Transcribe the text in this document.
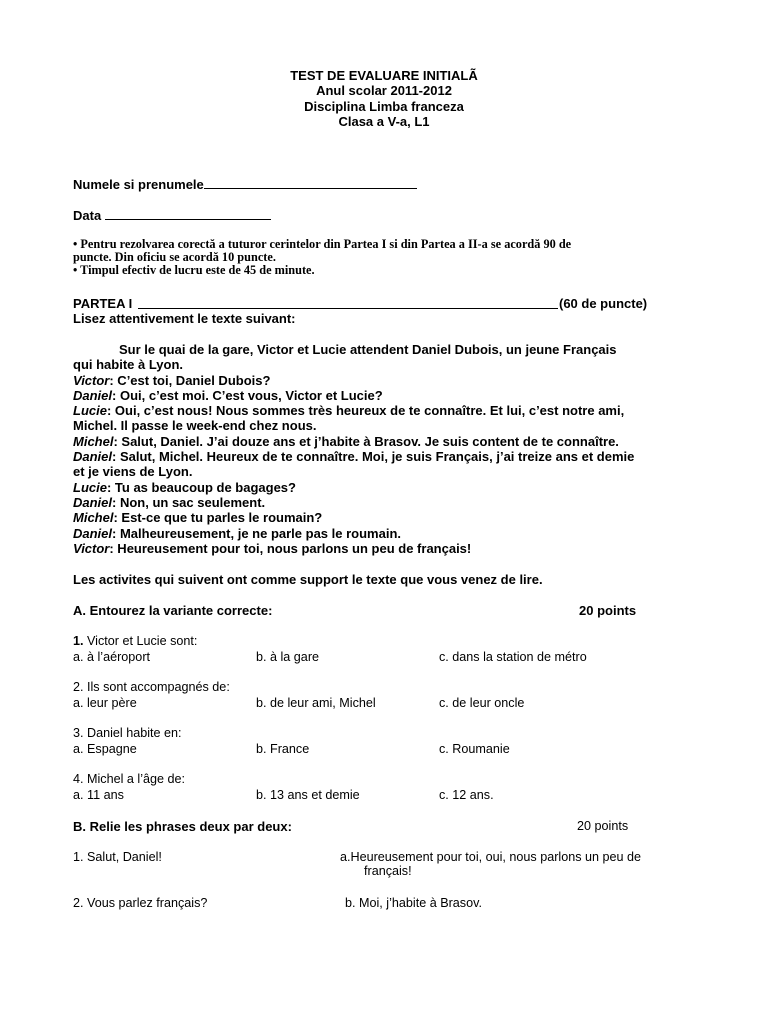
TEST DE EVALUARE INITIALÃ
Anul scolar 2011-2012
Disciplina Limba franceza
Clasa a V-a, L1
Numele si prenumele
Data
• Pentru rezolvarea corectă a tuturor cerintelor din Partea I si din Partea a II-a se acordă 90 de
puncte. Din oficiu se acordă 10 puncte.
• Timpul efectiv de lucru este de 45 de minute.
PARTEA I	(60 de puncte)
Lisez attentivement le texte suivant:
Sur le quai de la gare, Victor et Lucie attendent Daniel Dubois, un jeune Français
qui habite à Lyon.
Victor: C’est toi, Daniel Dubois?
Daniel: Oui, c’est moi. C’est vous, Victor et Lucie?
Lucie: Oui, c’est nous! Nous sommes très heureux de te connaître. Et lui, c’est notre ami,
Michel. Il passe le week-end chez nous.
Michel: Salut, Daniel. J’ai douze ans et j’habite à Brasov. Je suis content de te connaître.
Daniel: Salut, Michel. Heureux de te connaître. Moi, je suis Français, j’ai treize ans et demie
et je viens de Lyon.
Lucie: Tu as beaucoup de bagages?
Daniel: Non, un sac seulement.
Michel: Est-ce que tu parles le roumain?
Daniel: Malheureusement, je ne parle pas le roumain.
Victor: Heureusement pour toi, nous parlons un peu de français!
Les activites qui suivent ont comme support le texte que vous venez de lire.
A. Entourez la variante correcte:	20 points
1. Victor et Lucie sont:
a. à l’aéroport	b. à la gare	c. dans la station de métro
2. Ils sont accompagnés de:
a. leur père	b. de leur ami, Michel	c. de leur oncle
3. Daniel habite en:
a. Espagne	b. France	c. Roumanie
4. Michel a l’âge de:
a. 11 ans	b. 13 ans et demie	c. 12 ans.
B. Relie les phrases deux par deux:	20 points
1. Salut, Daniel!	a.Heureusement pour toi, oui, nous parlons un peu de
français!
2. Vous parlez français?	b. Moi, j’habite à Brasov.
